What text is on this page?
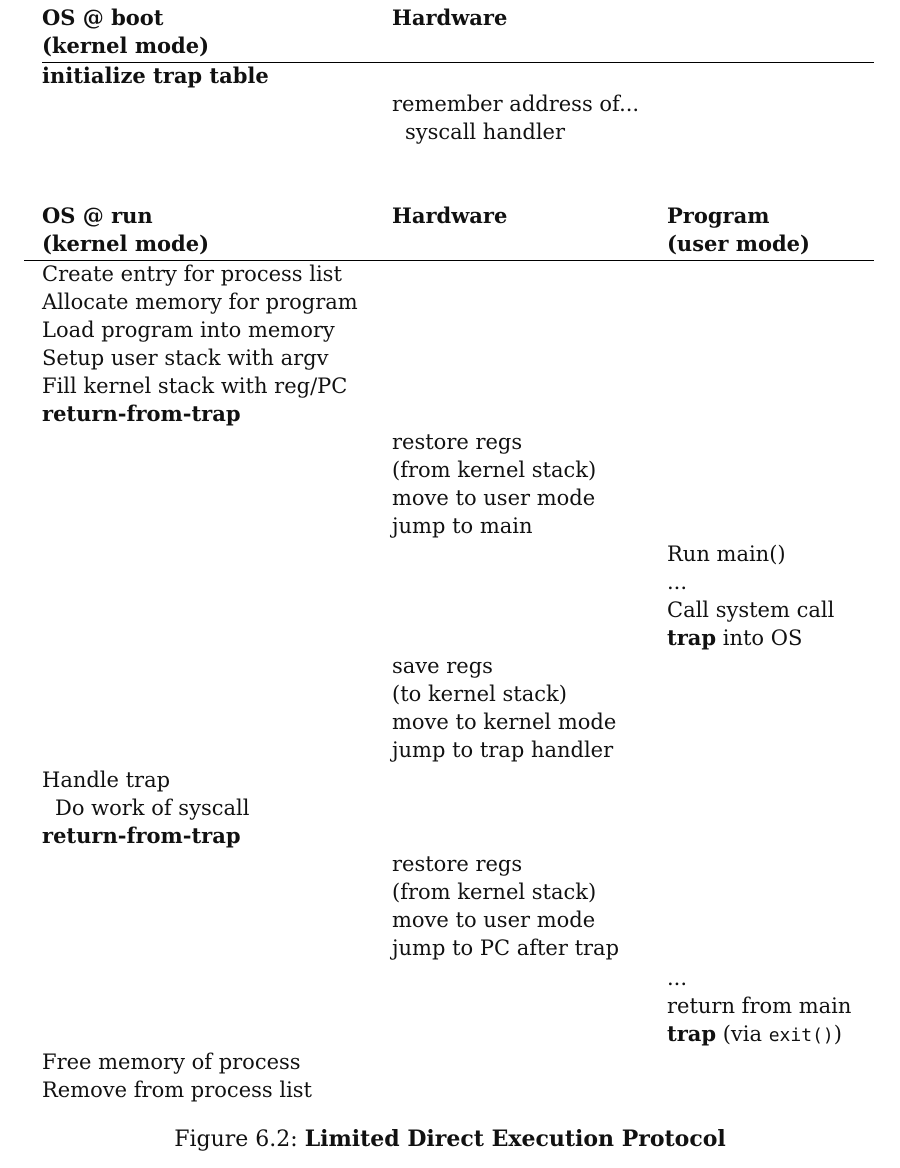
OS @ boot
(kernel mode)
Hardware
initialize trap table
remember address of...
syscall handler
OS @ run
(kernel mode)
Hardware	Program
(user mode)
Create entry for process list
Allocate memory for program
Load program into memory
Setup user stack with argv
Fill kernel stack with reg/PC
return-from-trap
restore regs
(from kernel stack)
move to user mode
jump to main
Run main()
...
Call system call
trap into OS
save regs
(to kernel stack)
move to kernel mode
jump to trap handler
Handle trap
Do work of syscall
return-from-trap
restore regs
(from kernel stack)
move to user mode
jump to PC after trap
...
return from main
trap (via exit())
Free memory of process
Remove from process list
Figure 6.2: Limited Direct Execution Protocol
